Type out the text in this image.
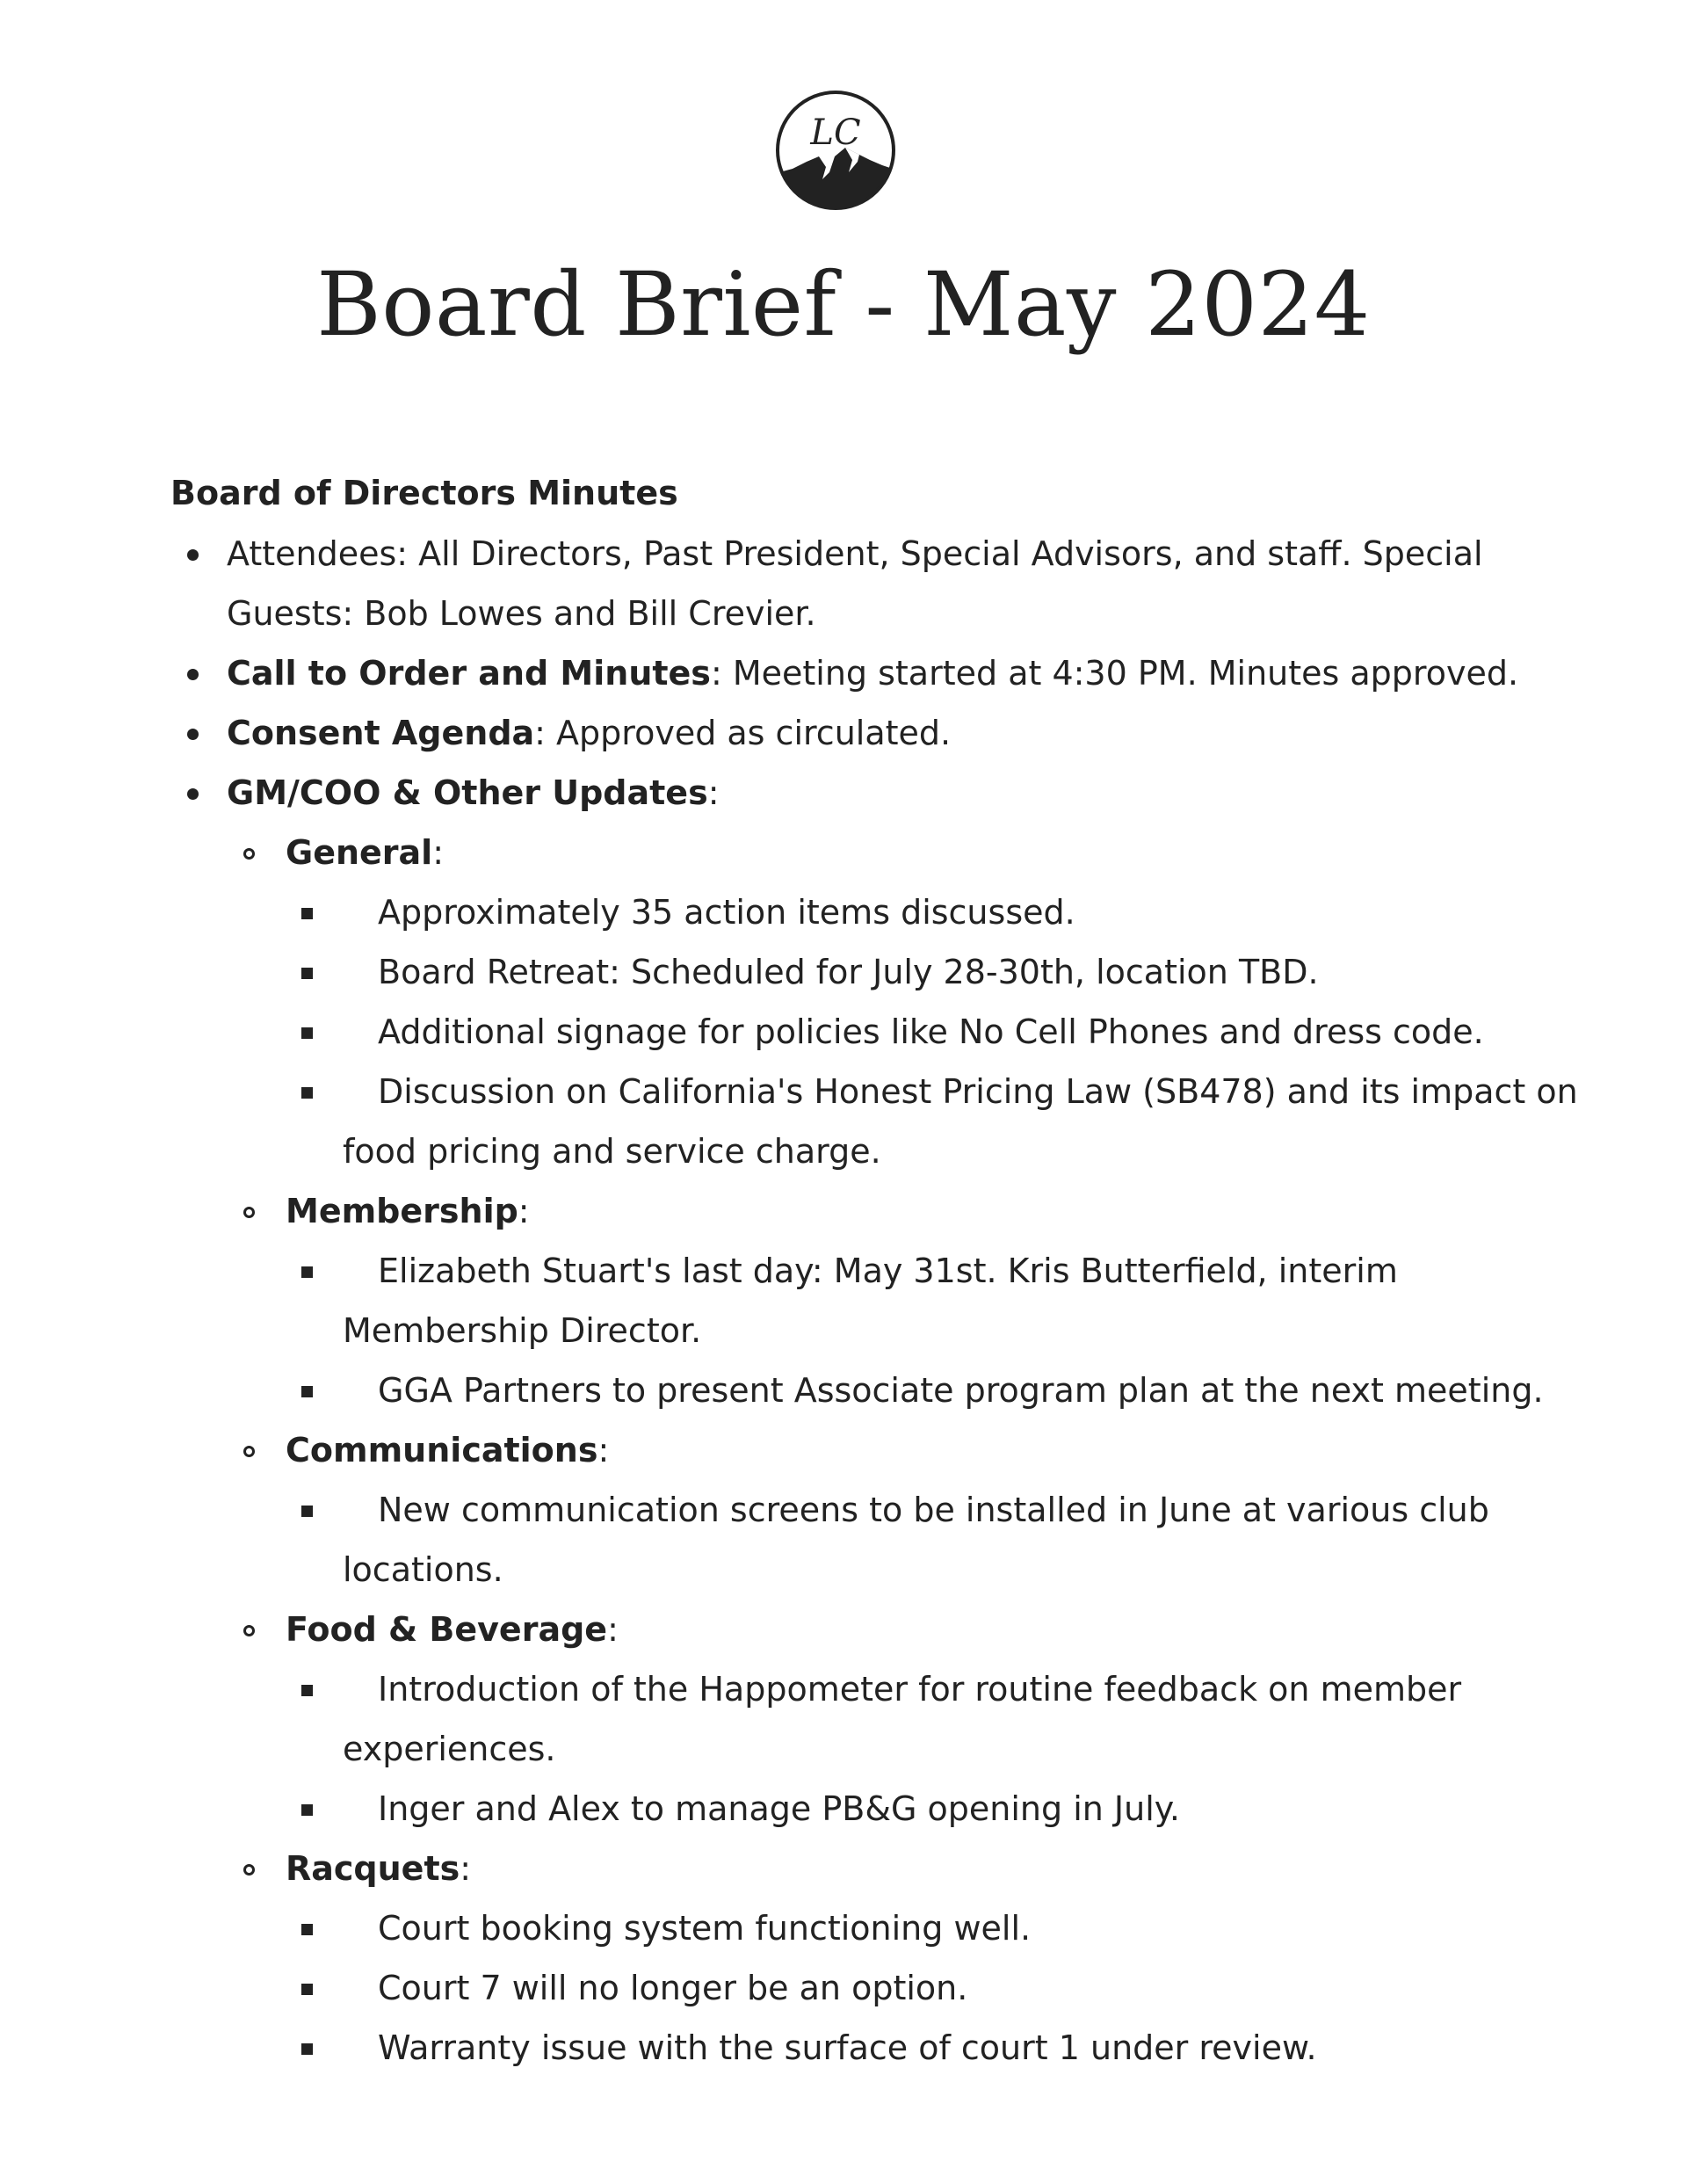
LC
Board Brief - May 2024
Board of Directors Minutes
Attendees: All Directors, Past President, Special Advisors, and staff. Special
Guests: Bob Lowes and Bill Crevier.
Call to Order and Minutes: Meeting started at 4:30 PM. Minutes approved.
Consent Agenda: Approved as circulated.
GM/COO & Other Updates:
General:
Approximately 35 action items discussed.
Board Retreat: Scheduled for July 28-30th, location TBD.
Additional signage for policies like No Cell Phones and dress code.
Discussion on California's Honest Pricing Law (SB478) and its impact on
food pricing and service charge.
Membership:
Elizabeth Stuart's last day: May 31st. Kris Butterfield, interim
Membership Director.
GGA Partners to present Associate program plan at the next meeting.
Communications:
New communication screens to be installed in June at various club
locations.
Food & Beverage:
Introduction of the Happometer for routine feedback on member
experiences.
Inger and Alex to manage PB&G opening in July.
Racquets:
Court booking system functioning well.
Court 7 will no longer be an option.
Warranty issue with the surface of court 1 under review.
